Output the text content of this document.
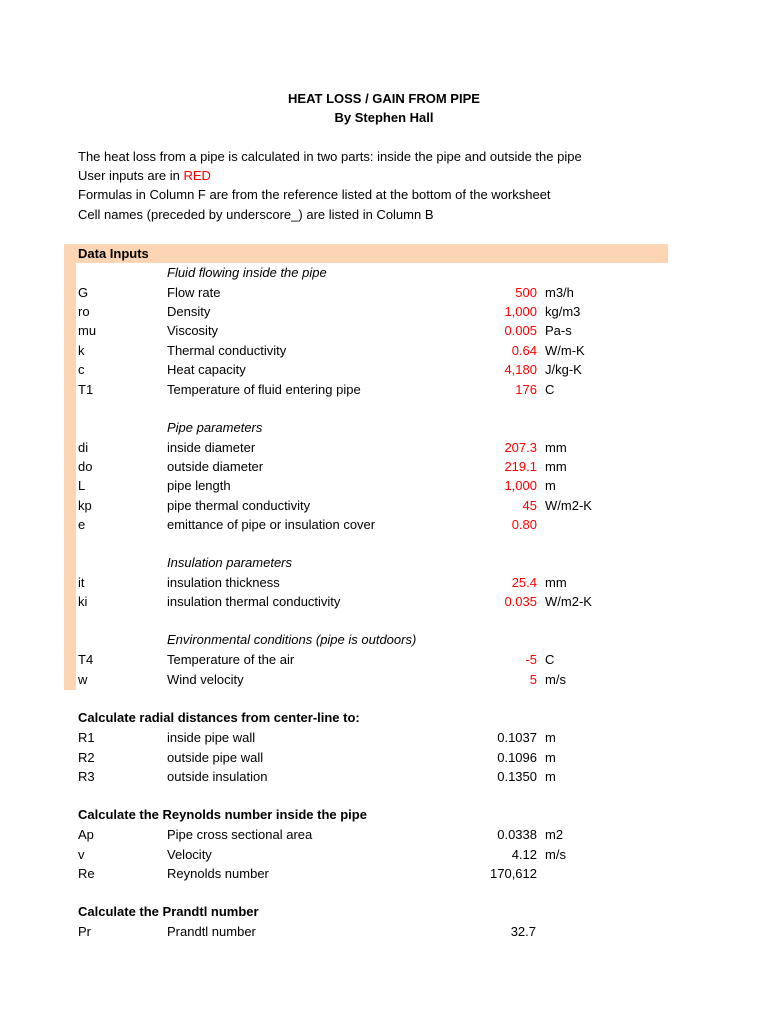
HEAT LOSS / GAIN FROM PIPE
By Stephen Hall
The heat loss from a pipe is calculated in two parts: inside the pipe and outside the pipe
User inputs are in RED
Formulas in Column F are from the reference listed at the bottom of the worksheet
Cell names (preceded by underscore_) are listed in Column B
Data Inputs
Fluid flowing inside the pipe
Pipe parameters
Insulation parameters
Environmental conditions (pipe is outdoors)
G	Flow rate	500 m3/h
ro	Density	1,000 kg/m3
mu	Viscosity	0.005 Pa-s
k	Thermal conductivity	0.64 W/m-K
c	Heat capacity	4,180 J/kg-K
T1	Temperature of fluid entering pipe	176 C
di	inside diameter	207.3 mm
do	outside diameter	219.1 mm
L	pipe length	1,000 m
kp	pipe thermal conductivity	45 W/m2-K
e	emittance of pipe or insulation cover	0.80
it	insulation thickness	25.4 mm
ki	insulation thermal conductivity	0.035 W/m2-K
T4	Temperature of the air	-5 C
w	Wind velocity	5 m/s
Calculate radial distances from center-line to:
R1	inside pipe wall	0.1037 m
R2	outside pipe wall	0.1096 m
R3	outside insulation	0.1350 m
Calculate the Reynolds number inside the pipe
Ap	Pipe cross sectional area	0.0338 m2
v	Velocity	4.12 m/s
Re	Reynolds number	170,612
Calculate the Prandtl number
Pr	Prandtl number	32.7
